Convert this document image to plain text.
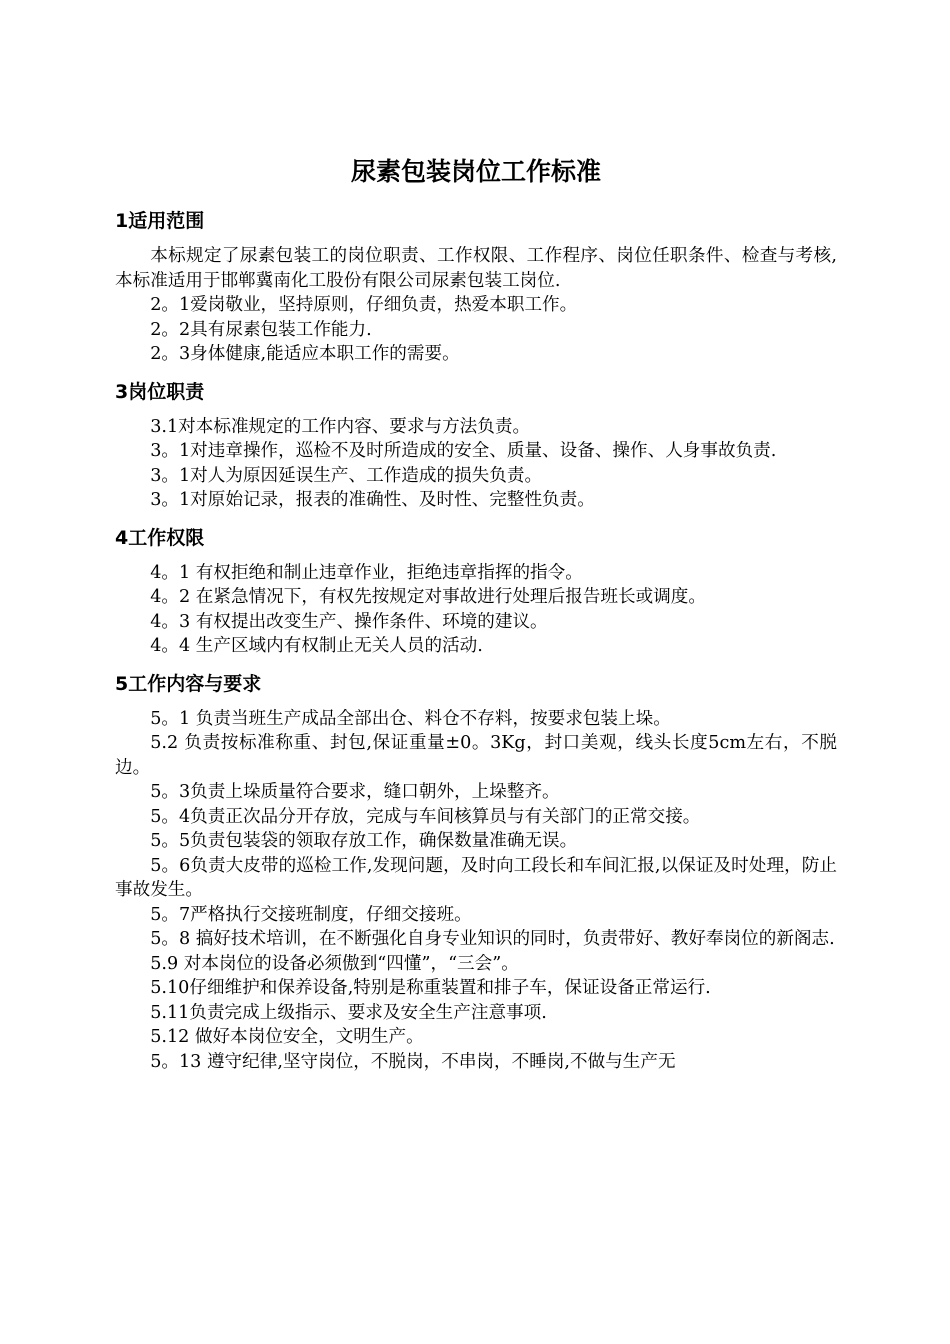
尿素包装岗位工作标准
1适用范围

本标规定了尿素包装工的岗位职责、工作权限、工作程序、岗位任职条件、检查与考核,本标准适用于邯郸冀南化工股份有限公司尿素包装工岗位.

2。1爱岗敬业，坚持原则，仔细负责，热爱本职工作。

2。2具有尿素包装工作能力.

2。3身体健康,能适应本职工作的需要。

3岗位职责

3.1对本标准规定的工作内容、要求与方法负责。

3。1对违章操作，巡检不及时所造成的安全、质量、设备、操作、人身事故负责.

3。1对人为原因延误生产、工作造成的损失负责。

3。1对原始记录，报表的准确性、及时性、完整性负责。

4工作权限

4。1 有权拒绝和制止违章作业，拒绝违章指挥的指令。

4。2 在紧急情况下，有权先按规定对事故进行处理后报告班长或调度。

4。3 有权提出改变生产、操作条件、环境的建议。

4。4 生产区域内有权制止无关人员的活动.

5工作内容与要求

5。1 负责当班生产成品全部出仓、料仓不存料，按要求包装上垛。

5.2 负责按标准称重、封包,保证重量±0。3Kg，封口美观，线头长度5cm左右，不脱边。

5。3负责上垛质量符合要求，缝口朝外，上垛整齐。

5。4负责正次品分开存放，完成与车间核算员与有关部门的正常交接。

5。5负责包装袋的领取存放工作，确保数量准确无误。

5。6负责大皮带的巡检工作,发现问题，及时向工段长和车间汇报,以保证及时处理，防止事故发生。

5。7严格执行交接班制度，仔细交接班。

5。8 搞好技术培训，在不断强化自身专业知识的同时，负责带好、教好奉岗位的新阁志.

5.9 对本岗位的设备必须傲到“四懂”，“三会”。

5.10仔细维护和保养设备,特别是称重装置和排子车，保证设备正常运行.

5.11负责完成上级指示、要求及安全生产注意事项.

5.12 做好本岗位安全，文明生产。

5。13 遵守纪律,坚守岗位，不脱岗，不串岗，不睡岗,不做与生产无
